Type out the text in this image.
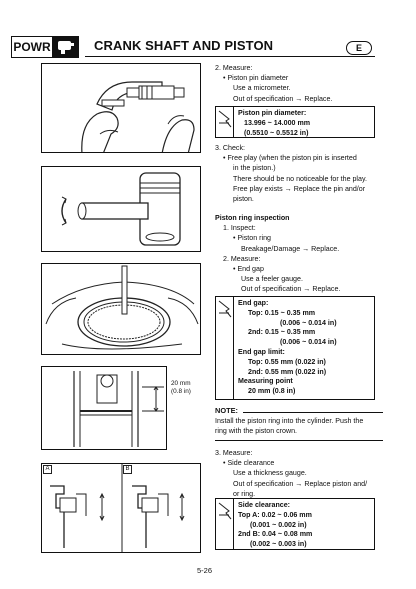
POWR	CRANK SHAFT AND PISTON	E

20 mm

(0.8 in)

A	B

2. Measure:

• Piston pin diameter

Use a micrometer.

Out of specification → Replace.

Piston pin diameter:

13.996 ~ 14.000 mm

(0.5510 ~ 0.5512 in)

3. Check:

• Free play (when the piston pin is inserted

in the piston.)

There should be no noticeable for the play.

Free play exists → Replace the pin and/or

piston.

Piston ring inspection

1. Inspect:

• Piston ring

Breakage/Damage → Replace.

2. Measure:

• End gap

Use a feeler gauge.

Out of specification → Replace.

End gap:

Top: 0.15 ~ 0.35 mm

(0.006 ~ 0.014 in)

2nd: 0.15 ~ 0.35 mm

(0.006 ~ 0.014 in)

End gap limit:

Top: 0.55 mm (0.022 in)

2nd: 0.55 mm (0.022 in)

Measuring point

20 mm (0.8 in)

NOTE:

Install the piston ring into the cylinder. Push the

ring with the piston crown.

3. Measure:

• Side clearance

Use a thickness gauge.

Out of specification → Replace piston and/

or ring.

Side clearance:

Top A: 0.02 ~ 0.06 mm

(0.001 ~ 0.002 in)

2nd B: 0.04 ~ 0.08 mm

(0.002 ~ 0.003 in)

5-26
